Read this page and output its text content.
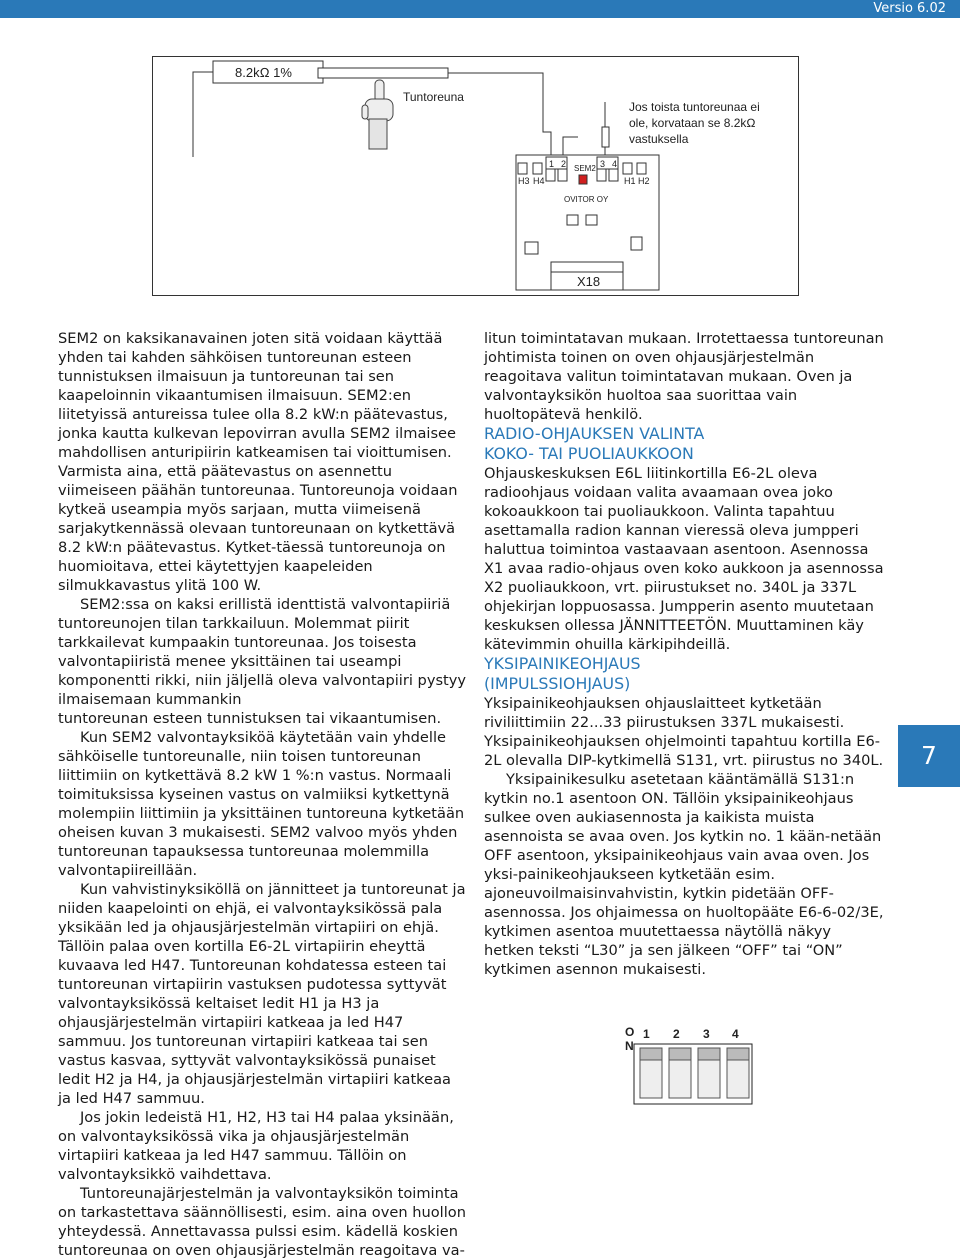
Versio 6.02
8.2kΩ 1%
Tuntoreuna
Jos toista tuntoreunaa ei ole, korvataan se 8.2kΩ vastuksella
H3 H4 1 2 SEM2 3 4 H1 H2
OVITOR OY
X18

SEM2 on kaksikanavainen joten sitä voidaan käyttää yhden tai kahden sähköisen tuntoreunan esteen tunnistuksen ilmaisuun ja tuntoreunan tai sen kaapeloinnin vikaantumisen ilmaisuun. SEM2:en liitetyissä antureissa tulee olla 8.2 kW:n päätevastus, jonka kautta kulkevan lepovirran avulla SEM2 ilmaisee mahdollisen anturipiirin katkeamisen tai vioittumisen. Varmista aina, että päätevastus on asennettu viimeiseen päähän tuntoreunaa. Tuntoreunoja voidaan kytkeä useampia myös sarjaan, mutta viimeisenä sarjakytkennässä olevaan tuntoreunaan on kytkettävä 8.2 kW:n päätevastus. Kytket-täessä tuntoreunoja on huomioitava, ettei käytettyjen kaapeleiden silmukkavastus ylitä 100 W.

SEM2:ssa on kaksi erillistä identtistä valvontapiiriä tuntoreunojen tilan tarkkailuun. Molemmat piirit tarkkailevat kumpaakin tuntoreunaa. Jos toisesta valvontapiiristä menee yksittäinen tai useampi komponentti rikki, niin jäljellä oleva valvontapiiri pystyy ilmaisemaan kummankin

tuntoreunan esteen tunnistuksen tai vikaantumisen.

Kun SEM2 valvontayksiköä käytetään vain yhdelle sähköiselle tuntoreunalle, niin toisen tuntoreunan liittimiin on kytkettävä 8.2 kW 1 %:n vastus. Normaali toimituksissa kyseinen vastus on valmiiksi kytkettynä molempiin liittimiin ja yksittäinen tuntoreuna kytketään oheisen kuvan 3 mukaisesti. SEM2 valvoo myös yhden tuntoreunan tapauksessa tuntoreunaa molemmilla valvontapiireillään.

Kun vahvistinyksiköllä on jännitteet ja tuntoreunat ja niiden kaapelointi on ehjä, ei valvontayksikössä pala yksikään led ja ohjausjärjestelmän virtapiiri on ehjä. Tällöin palaa oven kortilla E6-2L virtapiirin eheyttä kuvaava led H47. Tuntoreunan kohdatessa esteen tai tuntoreunan virtapiirin vastuksen pudotessa syttyvät valvontayksikössä keltaiset ledit H1 ja H3 ja ohjausjärjestelmän virtapiiri katkeaa ja led H47 sammuu. Jos tuntoreunan virtapiiri katkeaa tai sen vastus kasvaa, syttyvät valvontayksikössä punaiset ledit H2 ja H4, ja ohjausjärjestelmän virtapiiri katkeaa ja led H47 sammuu.

Jos jokin ledeistä H1, H2, H3 tai H4 palaa yksinään, on valvontayksikössä vika ja ohjausjärjestelmän virtapiiri katkeaa ja led H47 sammuu. Tällöin on valvontayksikkö vaihdettava.

Tuntoreunajärjestelmän ja valvontayksikön toiminta on tarkastettava säännöllisesti, esim. aina oven huollon yhteydessä. Annettavassa pulssi esim. kädellä koskien tuntoreunaa on oven ohjausjärjestelmän reagoitava va-

litun toimintatavan mukaan. Irrotettaessa tuntoreunan johtimista toinen on oven ohjausjärjestelmän reagoitava valitun toimintatavan mukaan. Oven ja valvontayksikön huoltoa saa suorittaa vain huoltopätevä henkilö.

RADIO-OHJAUKSEN VALINTA
KOKO- TAI PUOLIAUKKOON

Ohjauskeskuksen E6L liitinkortilla E6-2L oleva radioohjaus voidaan valita avaamaan ovea joko kokoaukkoon tai puoliaukkoon. Valinta tapahtuu asettamalla radion kannan vieressä oleva jumpperi haluttua toimintoa vastaavaan asentoon. Asennossa X1 avaa radio-ohjaus oven koko aukkoon ja asennossa X2 puoliaukkoon, vrt. piirustukset no. 340L ja 337L ohjekirjan loppuosassa. Jumpperin asento muutetaan keskuksen ollessa JÄNNITTEETÖN. Muuttaminen käy kätevimmin ohuilla kärkipihdeillä.

YKSIPAINIKEOHJAUS
(IMPULSSIOHJAUS)

Yksipainikeohjauksen ohjauslaitteet kytketään riviliittimiin 22...33 piirustuksen 337L mukaisesti. Yksipainikeohjauksen ohjelmointi tapahtuu kortilla E6-2L olevalla DIP-kytkimellä S131, vrt. piirustus no 340L.

Yksipainikesulku asetetaan kääntämällä S131:n kytkin no.1 asentoon ON. Tällöin yksipainikeohjaus sulkee oven aukiasennosta ja kaikista muista asennoista se avaa oven. Jos kytkin no. 1 kään-netään OFF asentoon, yksipainikeohjaus vain avaa oven. Jos yksi-painikeohjaukseen kytketään esim. ajoneuvoilmaisinvahvistin, kytkin pidetään OFF-asennossa. Jos ohjaimessa on huoltopääte E6-6-02/3E, kytkimen asentoa muutettaessa näytöllä näkyy hetken teksti “L30” ja sen jälkeen “OFF” tai “ON” kytkimen asennon mukaisesti.

O
N
1 2 3 4
7
